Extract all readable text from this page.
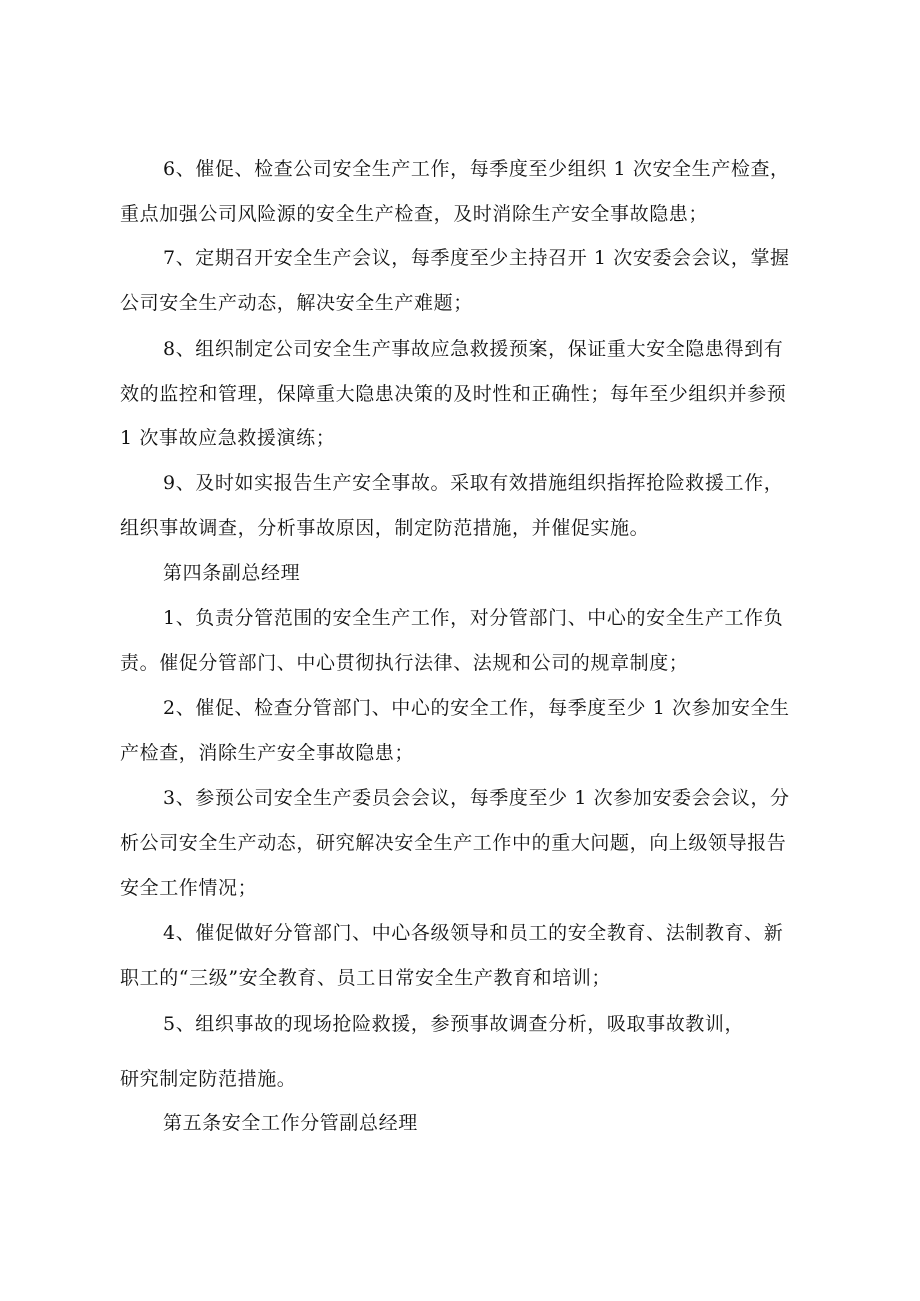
6、催促、检查公司安全生产工作，每季度至少组织 1 次安全生产检查，
重点加强公司风险源的安全生产检查，及时消除生产安全事故隐患；
7、定期召开安全生产会议，每季度至少主持召开 1 次安委会会议，掌握
公司安全生产动态，解决安全生产难题；
8、组织制定公司安全生产事故应急救援预案，保证重大安全隐患得到有
效的监控和管理，保障重大隐患决策的及时性和正确性；每年至少组织并参预
1 次事故应急救援演练；
9、及时如实报告生产安全事故。采取有效措施组织指挥抢险救援工作，
组织事故调查，分析事故原因，制定防范措施，并催促实施。
第四条副总经理
1、负责分管范围的安全生产工作，对分管部门、中心的安全生产工作负
责。催促分管部门、中心贯彻执行法律、法规和公司的规章制度；
2、催促、检查分管部门、中心的安全工作，每季度至少 1 次参加安全生
产检查，消除生产安全事故隐患；
3、参预公司安全生产委员会会议，每季度至少 1 次参加安委会会议，分
析公司安全生产动态，研究解决安全生产工作中的重大问题，向上级领导报告
安全工作情况；
4、催促做好分管部门、中心各级领导和员工的安全教育、法制教育、新
职工的“三级”安全教育、员工日常安全生产教育和培训；
5、组织事故的现场抢险救援，参预事故调查分析，吸取事故教训，
研究制定防范措施。
第五条安全工作分管副总经理
